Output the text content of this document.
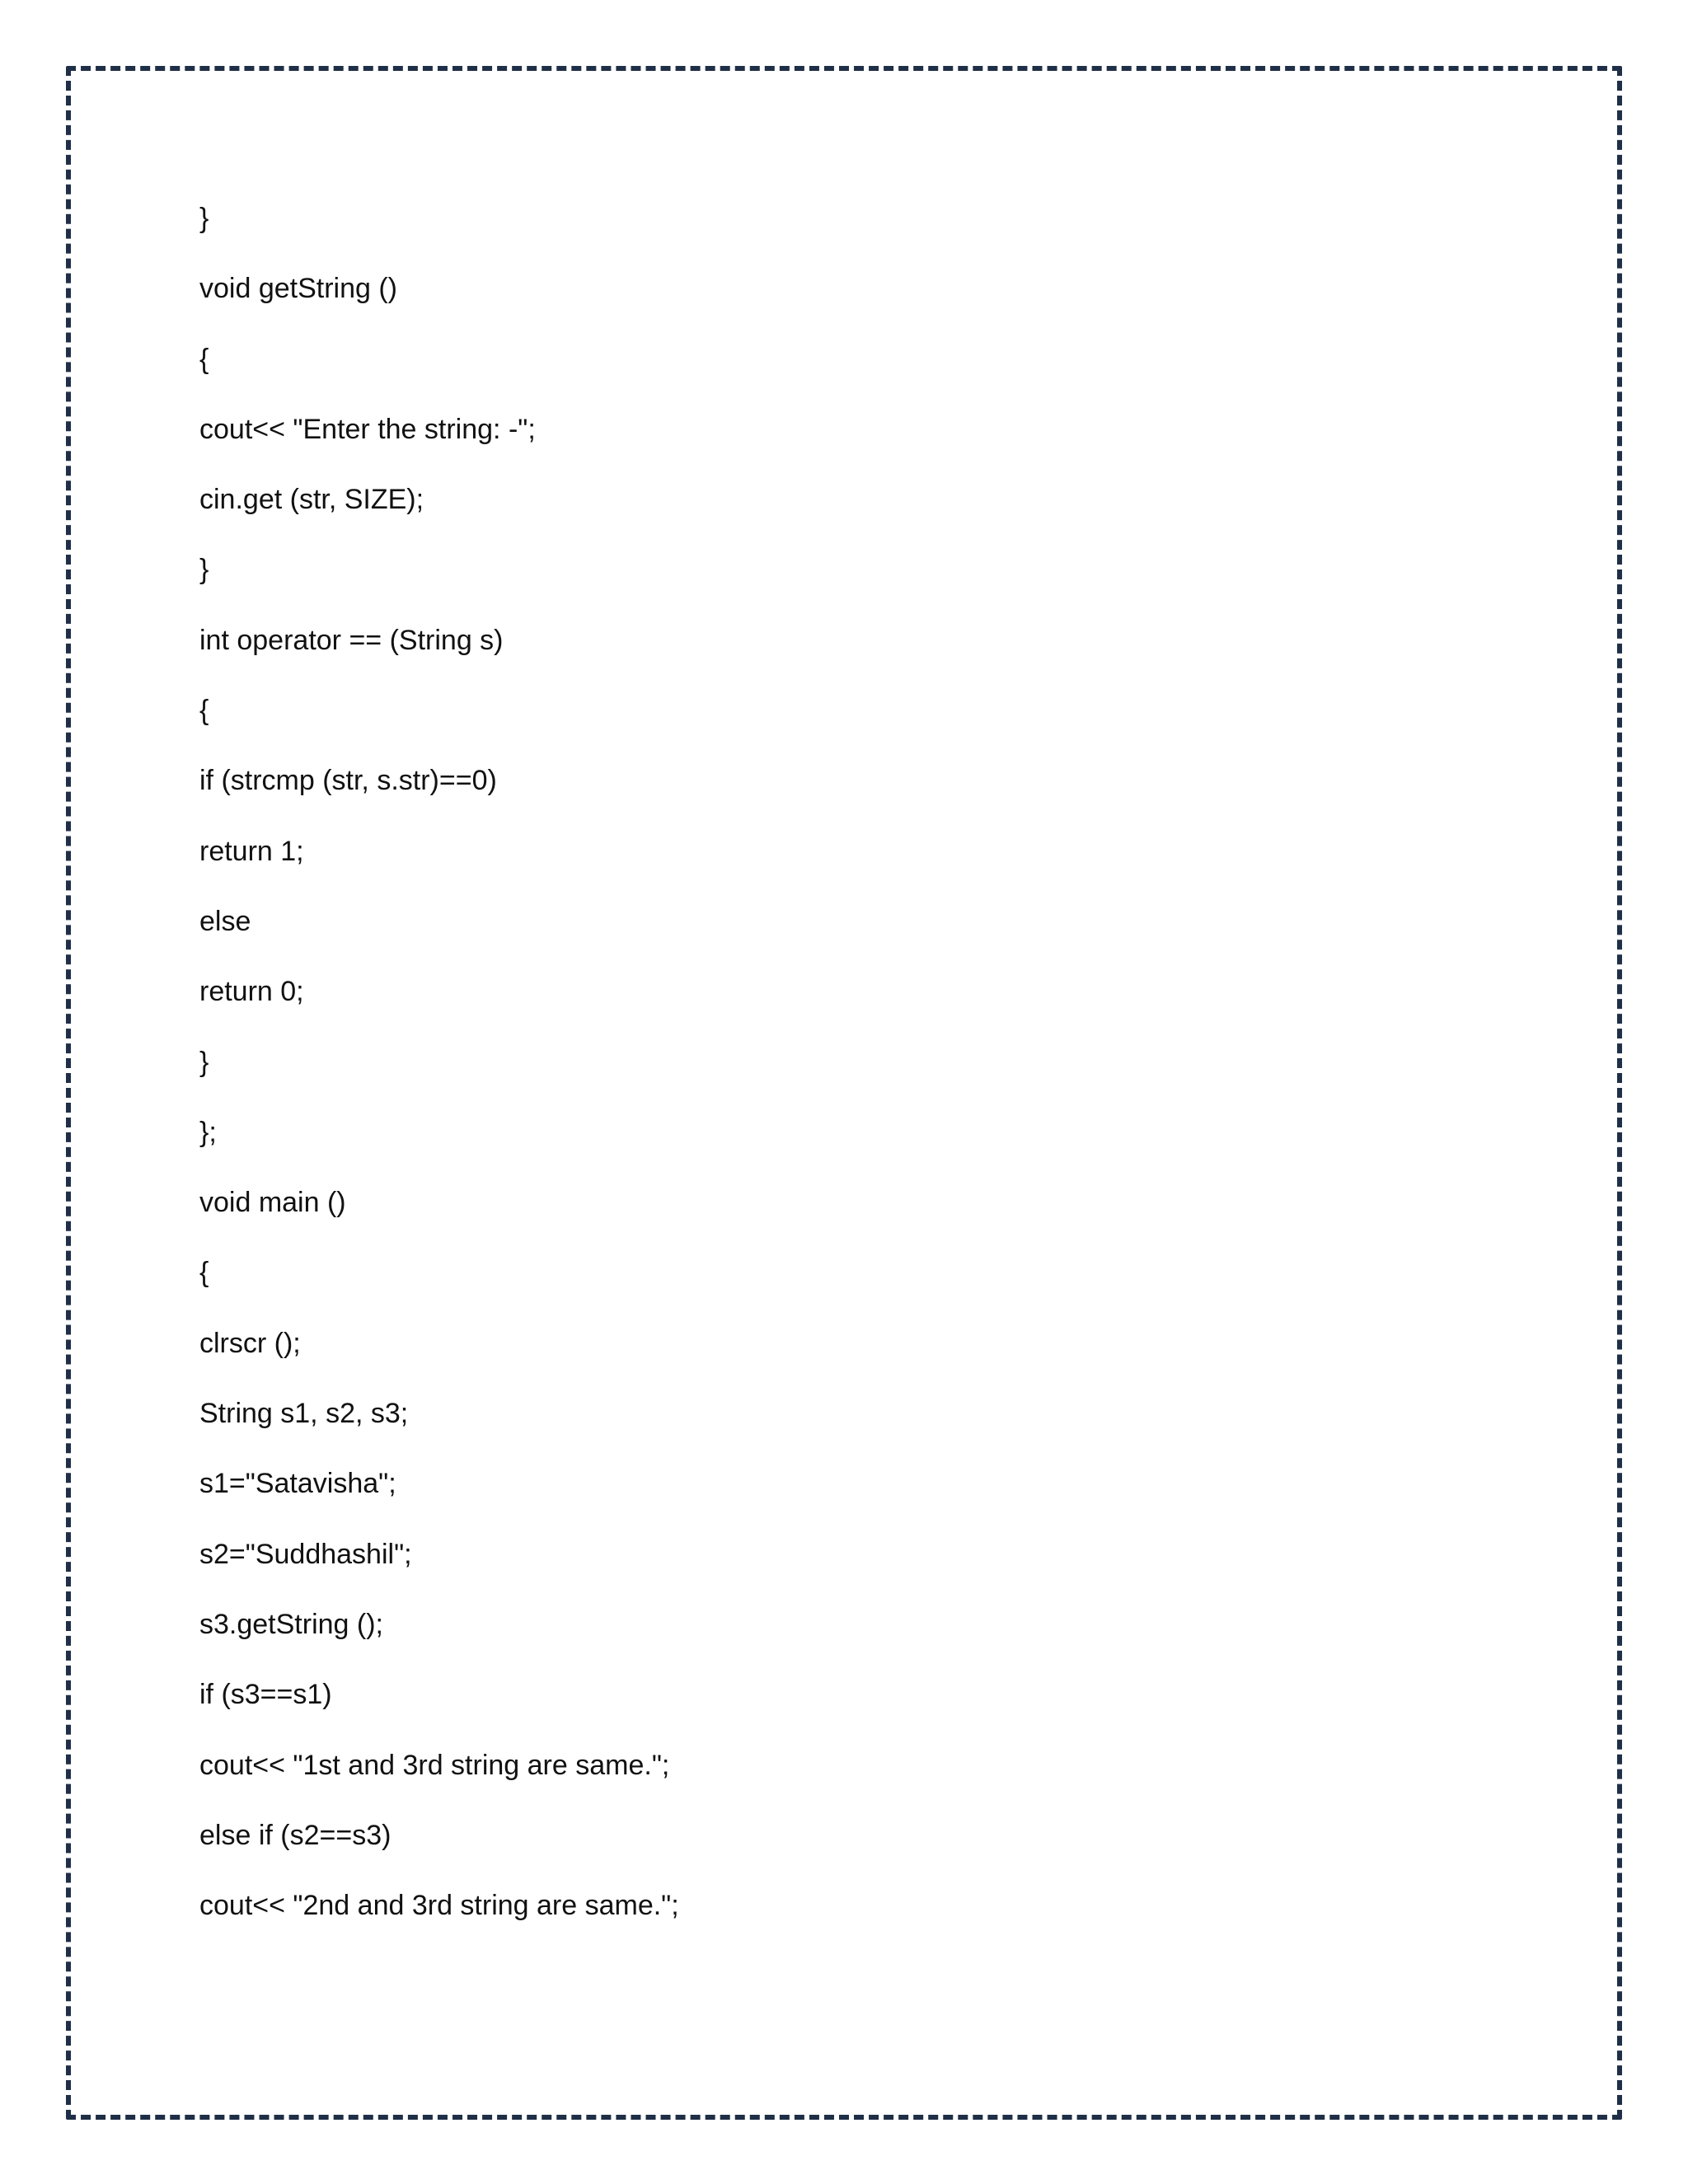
}
void getString ()
{
cout<< "Enter the string: -";
cin.get (str, SIZE);
}
int operator == (String s)
{
if (strcmp (str, s.str)==0)
return 1;
else
return 0;
}
};
void main ()
{
clrscr ();
String s1, s2, s3;
s1="Satavisha";
s2="Suddhashil";
s3.getString ();
if (s3==s1)
cout<< "1st and 3rd string are same.";
else if (s2==s3)
cout<< "2nd and 3rd string are same.";
